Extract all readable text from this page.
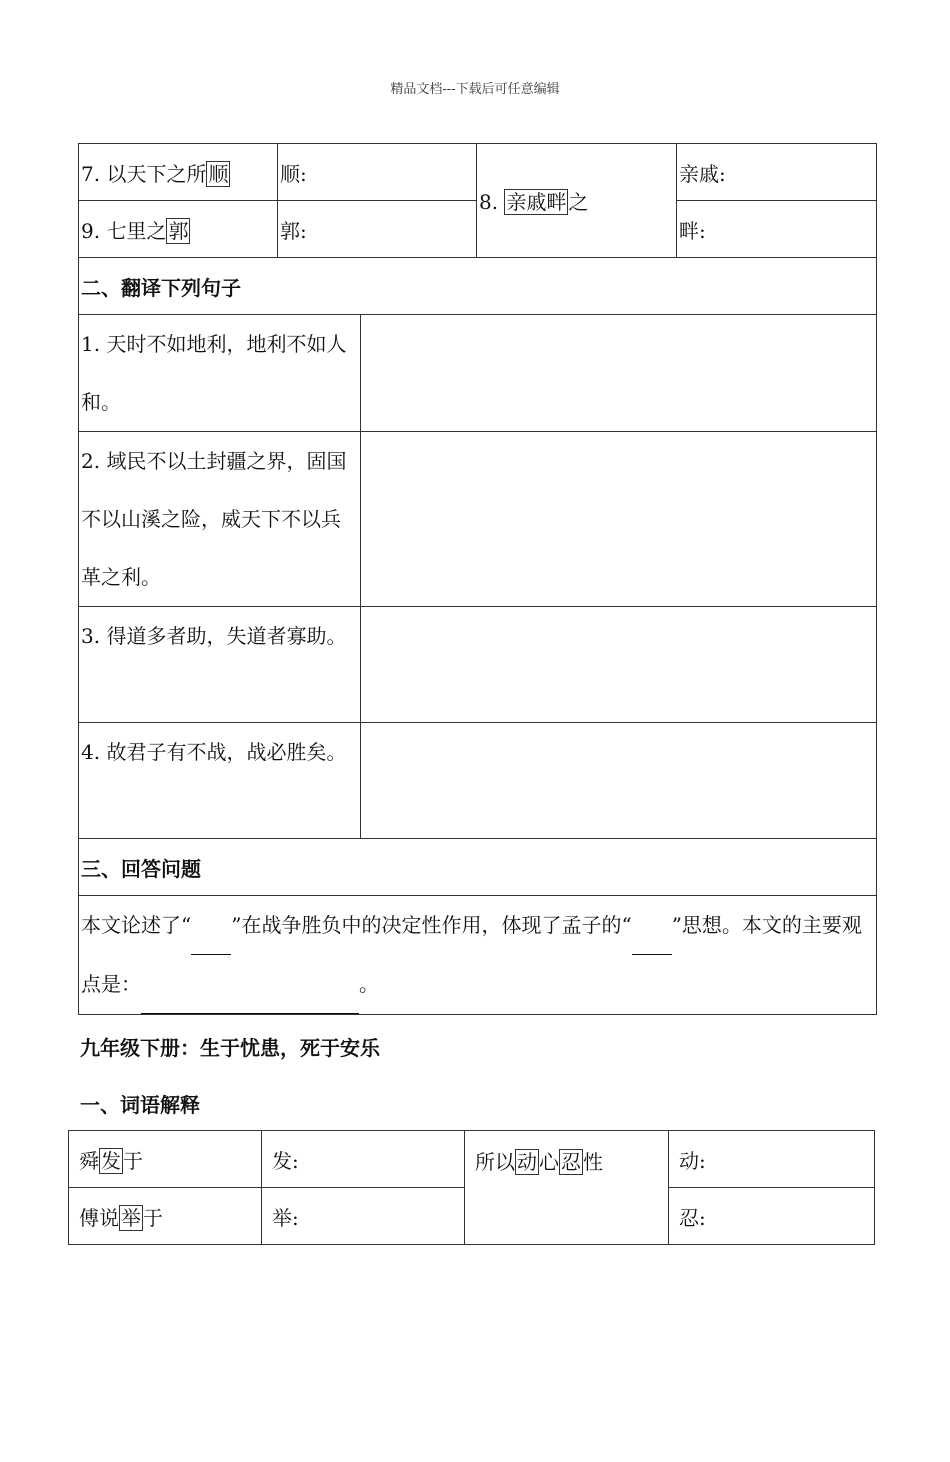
精品文档---下载后可任意编辑
7. 以天下之所 顺	顺:		8. 亲戚畔 之	亲戚:
9. 七里之 郭	郭:			畔:
二、翻译下列句子				
1. 天时不如地利，地利不如人和。				
2. 域民不以土封疆之界，固国不以山溪之险，威天下不以兵革之利。				
3. 得道多者助，失道者寡助。				
4. 故君子有不战，战必胜矣。				
三、回答问题				
本文论述了“ ”在战争胜负中的决定性作用，体现了孟子的“ ”思想。本文的主要观点是： 。				
九年级下册：生于忧患，死于安乐
一、词语解释
舜 发 于	发:	所以 动 心 忍 性	动:
傅说 举 于	举:		忍:
